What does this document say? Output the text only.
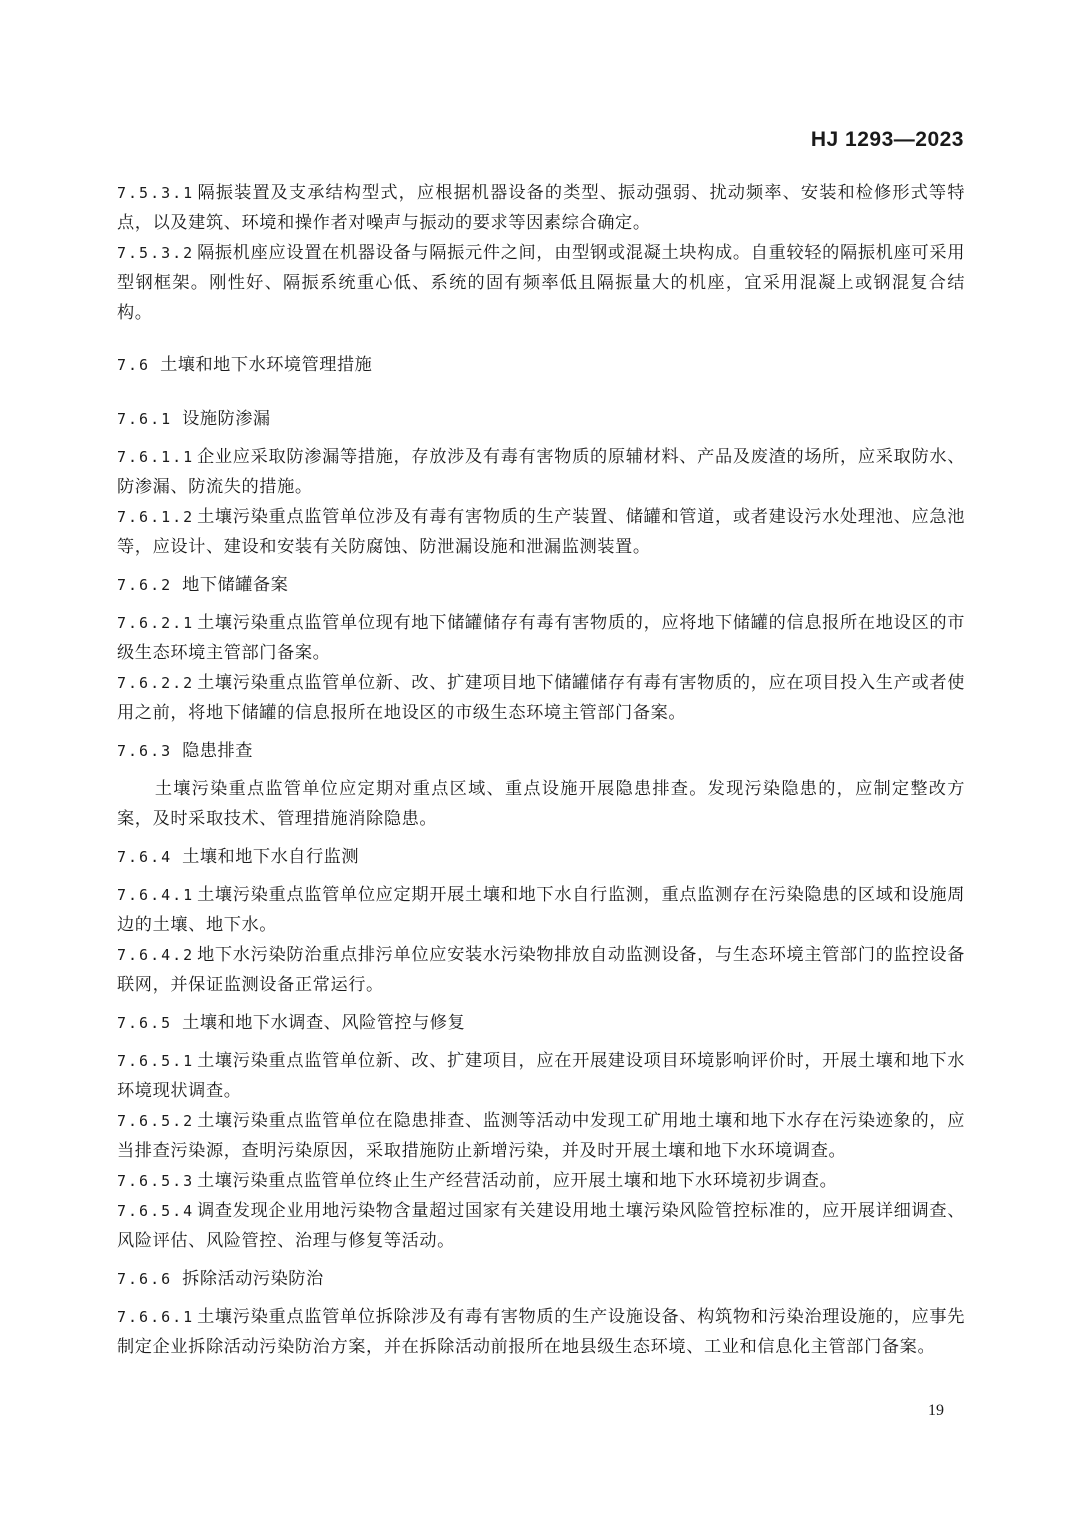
HJ 1293—2023

7.5.3.1 隔振装置及支承结构型式，应根据机器设备的类型、振动强弱、扰动频率、安装和检修形式等特点，以及建筑、环境和操作者对噪声与振动的要求等因素综合确定。

7.5.3.2 隔振机座应设置在机器设备与隔振元件之间，由型钢或混凝土块构成。自重较轻的隔振机座可采用型钢框架。刚性好、隔振系统重心低、系统的固有频率低且隔振量大的机座，宜采用混凝上或钢混复合结构。

7.6 土壤和地下水环境管理措施
7.6.1 设施防渗漏

7.6.1.1 企业应采取防渗漏等措施，存放涉及有毒有害物质的原辅材料、产品及废渣的场所，应采取防水、防渗漏、防流失的措施。

7.6.1.2 土壤污染重点监管单位涉及有毒有害物质的生产装置、储罐和管道，或者建设污水处理池、应急池等，应设计、建设和安装有关防腐蚀、防泄漏设施和泄漏监测装置。

7.6.2 地下储罐备案

7.6.2.1 土壤污染重点监管单位现有地下储罐储存有毒有害物质的，应将地下储罐的信息报所在地设区的市级生态环境主管部门备案。

7.6.2.2 土壤污染重点监管单位新、改、扩建项目地下储罐储存有毒有害物质的，应在项目投入生产或者使用之前，将地下储罐的信息报所在地设区的市级生态环境主管部门备案。

7.6.3 隐患排查

土壤污染重点监管单位应定期对重点区域、重点设施开展隐患排查。发现污染隐患的，应制定整改方案，及时采取技术、管理措施消除隐患。

7.6.4 土壤和地下水自行监测

7.6.4.1 土壤污染重点监管单位应定期开展土壤和地下水自行监测，重点监测存在污染隐患的区域和设施周边的土壤、地下水。

7.6.4.2 地下水污染防治重点排污单位应安装水污染物排放自动监测设备，与生态环境主管部门的监控设备联网，并保证监测设备正常运行。

7.6.5 土壤和地下水调查、风险管控与修复

7.6.5.1 土壤污染重点监管单位新、改、扩建项目，应在开展建设项目环境影响评价时，开展土壤和地下水环境现状调查。

7.6.5.2 土壤污染重点监管单位在隐患排查、监测等活动中发现工矿用地土壤和地下水存在污染迹象的，应当排查污染源，查明污染原因，采取措施防止新增污染，并及时开展土壤和地下水环境调查。

7.6.5.3 土壤污染重点监管单位终止生产经营活动前，应开展土壤和地下水环境初步调查。

7.6.5.4 调查发现企业用地污染物含量超过国家有关建设用地土壤污染风险管控标准的，应开展详细调查、风险评估、风险管控、治理与修复等活动。

7.6.6 拆除活动污染防治

7.6.6.1 土壤污染重点监管单位拆除涉及有毒有害物质的生产设施设备、构筑物和污染治理设施的，应事先制定企业拆除活动污染防治方案，并在拆除活动前报所在地县级生态环境、工业和信息化主管部门备案。

19
